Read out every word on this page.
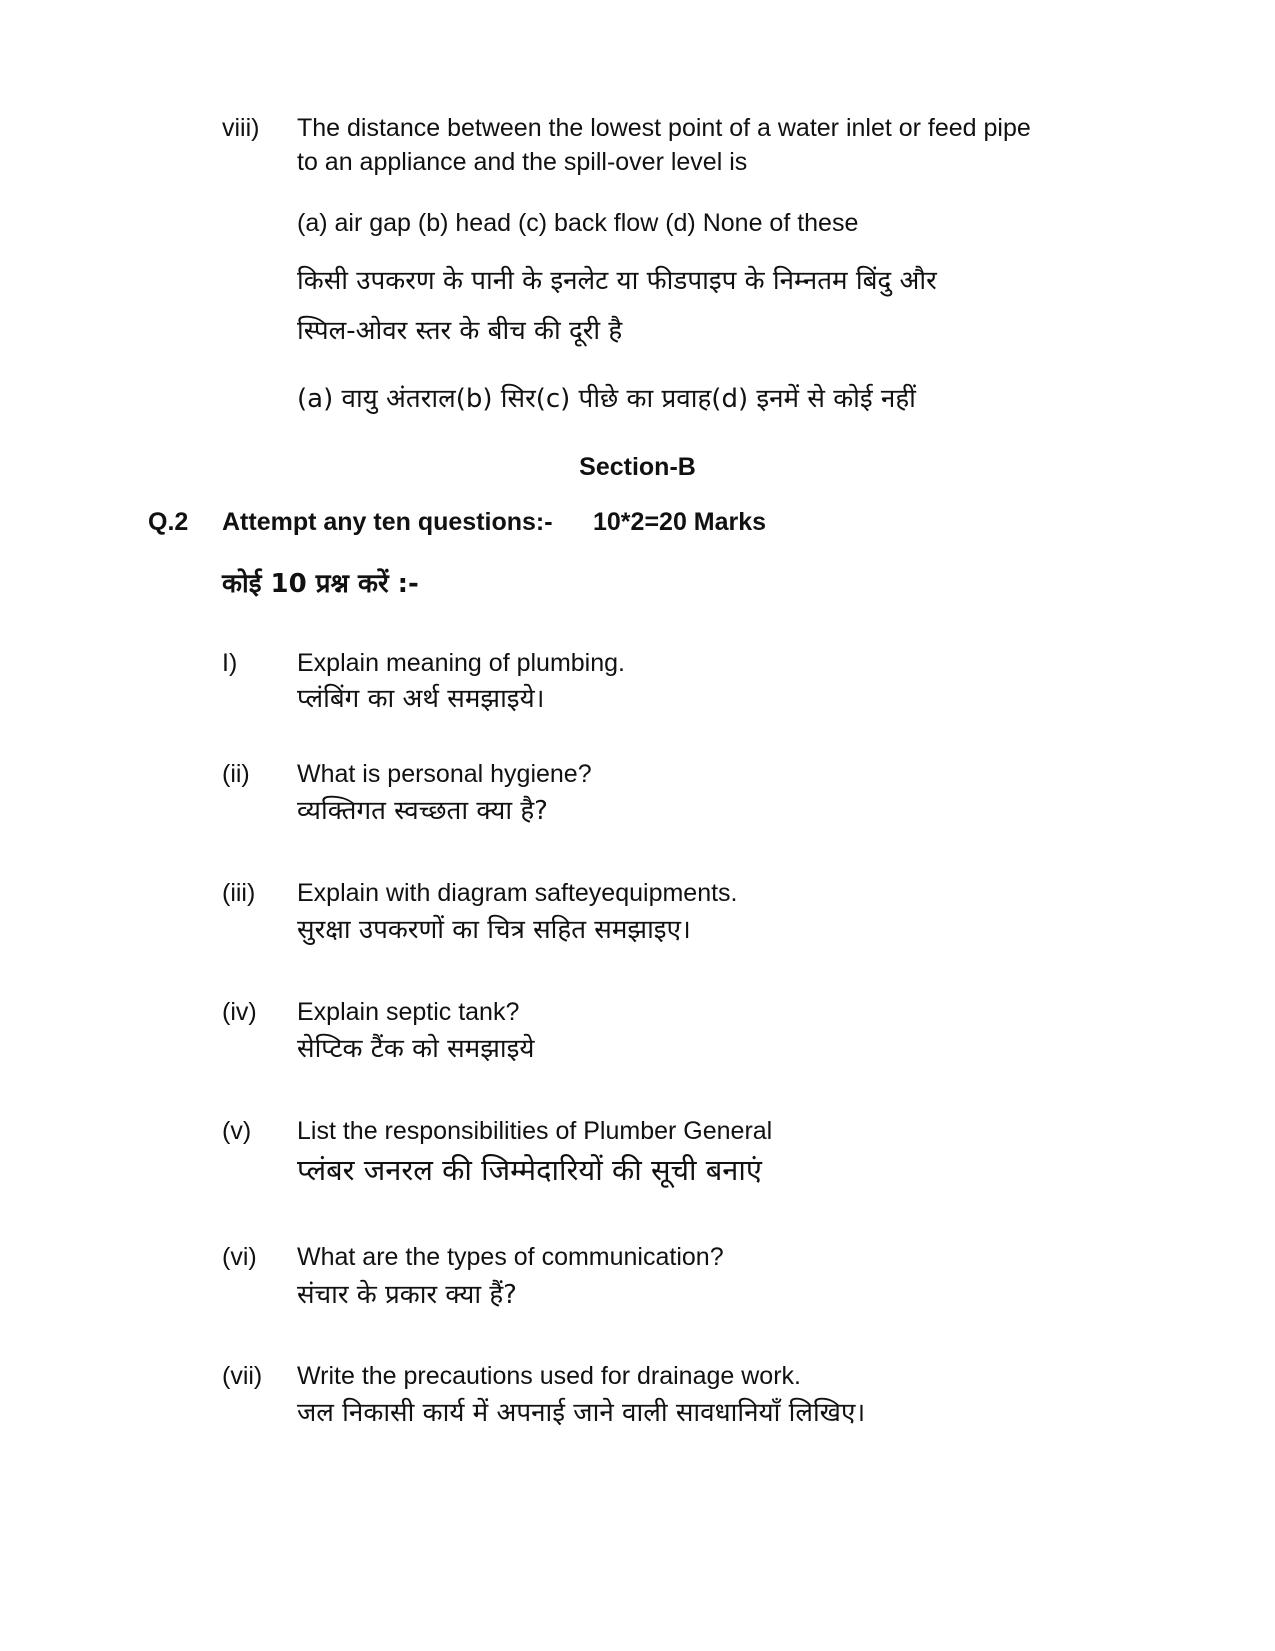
viii) The distance between the lowest point of a water inlet or feed pipe
to an appliance and the spill-over level is
(a) air gap (b) head (c) back flow (d) None of these
किसी उपकरण के पानी के इनलेट या फीडपाइप के निम्नतम बिंदु और
स्पिल-ओवर स्तर के बीच की दूरी है
(a) वायु अंतराल(b) सिर(c) पीछे का प्रवाह(d) इनमें से कोई नहीं
Section-B
Q.2 Attempt any ten questions:- 10*2=20 Marks
कोई 10 प्रश्न करें :-
I) Explain meaning of plumbing.
प्लंबिंग का अर्थ समझाइये।
(ii) What is personal hygiene?
व्यक्तिगत स्वच्छता क्या है?
(iii) Explain with diagram safteyequipments.
सुरक्षा उपकरणों का चित्र सहित समझाइए।
(iv) Explain septic tank?
सेप्टिक टैंक को समझाइये
(v) List the responsibilities of Plumber General
प्लंबर जनरल की जिम्मेदारियों की सूची बनाएं
(vi) What are the types of communication?
संचार के प्रकार क्या हैं?
(vii) Write the precautions used for drainage work.
जल निकासी कार्य में अपनाई जाने वाली सावधानियाँ लिखिए।
